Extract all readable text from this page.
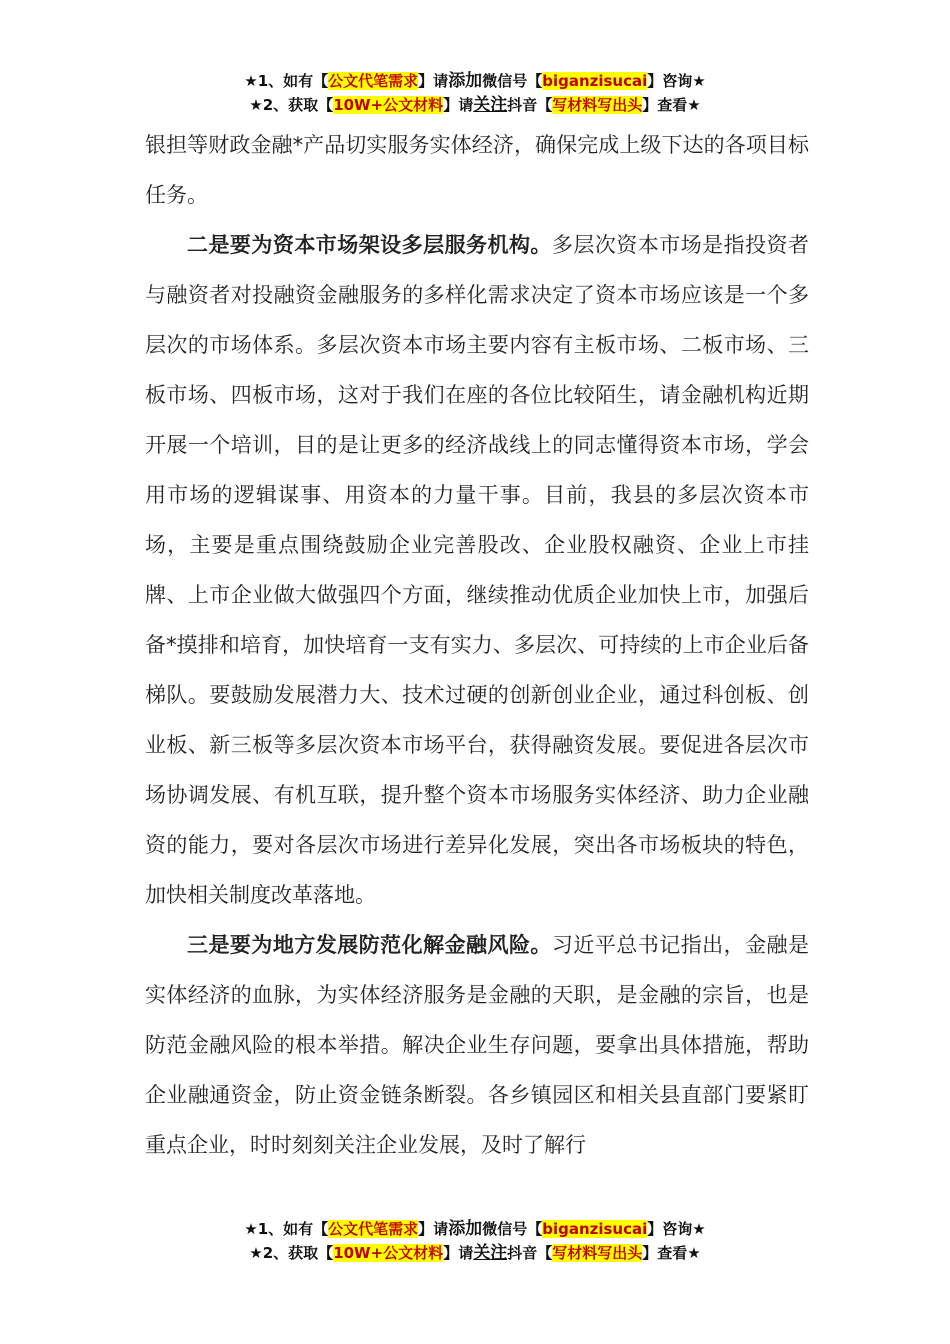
★1、如有【公文代笔需求】请添加微信号【biganzisucai】咨询★
★2、获取【10W+公文材料】请关注抖音【写材料写出头】查看★

银担等财政金融*产品切实服务实体经济，确保完成上级下达的各项目标任务。

二是要为资本市场架设多层服务机构。多层次资本市场是指投资者与融资者对投融资金融服务的多样化需求决定了资本市场应该是一个多层次的市场体系。多层次资本市场主要内容有主板市场、二板市场、三板市场、四板市场，这对于我们在座的各位比较陌生，请金融机构近期开展一个培训，目的是让更多的经济战线上的同志懂得资本市场，学会用市场的逻辑谋事、用资本的力量干事。目前，我县的多层次资本市场，主要是重点围绕鼓励企业完善股改、企业股权融资、企业上市挂牌、上市企业做大做强四个方面，继续推动优质企业加快上市，加强后备*摸排和培育，加快培育一支有实力、多层次、可持续的上市企业后备梯队。要鼓励发展潜力大、技术过硬的创新创业企业，通过科创板、创业板、新三板等多层次资本市场平台，获得融资发展。要促进各层次市场协调发展、有机互联，提升整个资本市场服务实体经济、助力企业融资的能力，要对各层次市场进行差异化发展，突出各市场板块的特色，加快相关制度改革落地。

三是要为地方发展防范化解金融风险。习近平总书记指出，金融是实体经济的血脉，为实体经济服务是金融的天职，是金融的宗旨，也是防范金融风险的根本举措。解决企业生存问题，要拿出具体措施，帮助企业融通资金，防止资金链条断裂。各乡镇园区和相关县直部门要紧盯重点企业，时时刻刻关注企业发展，及时了解行

★1、如有【公文代笔需求】请添加微信号【biganzisucai】咨询★
★2、获取【10W+公文材料】请关注抖音【写材料写出头】查看★
